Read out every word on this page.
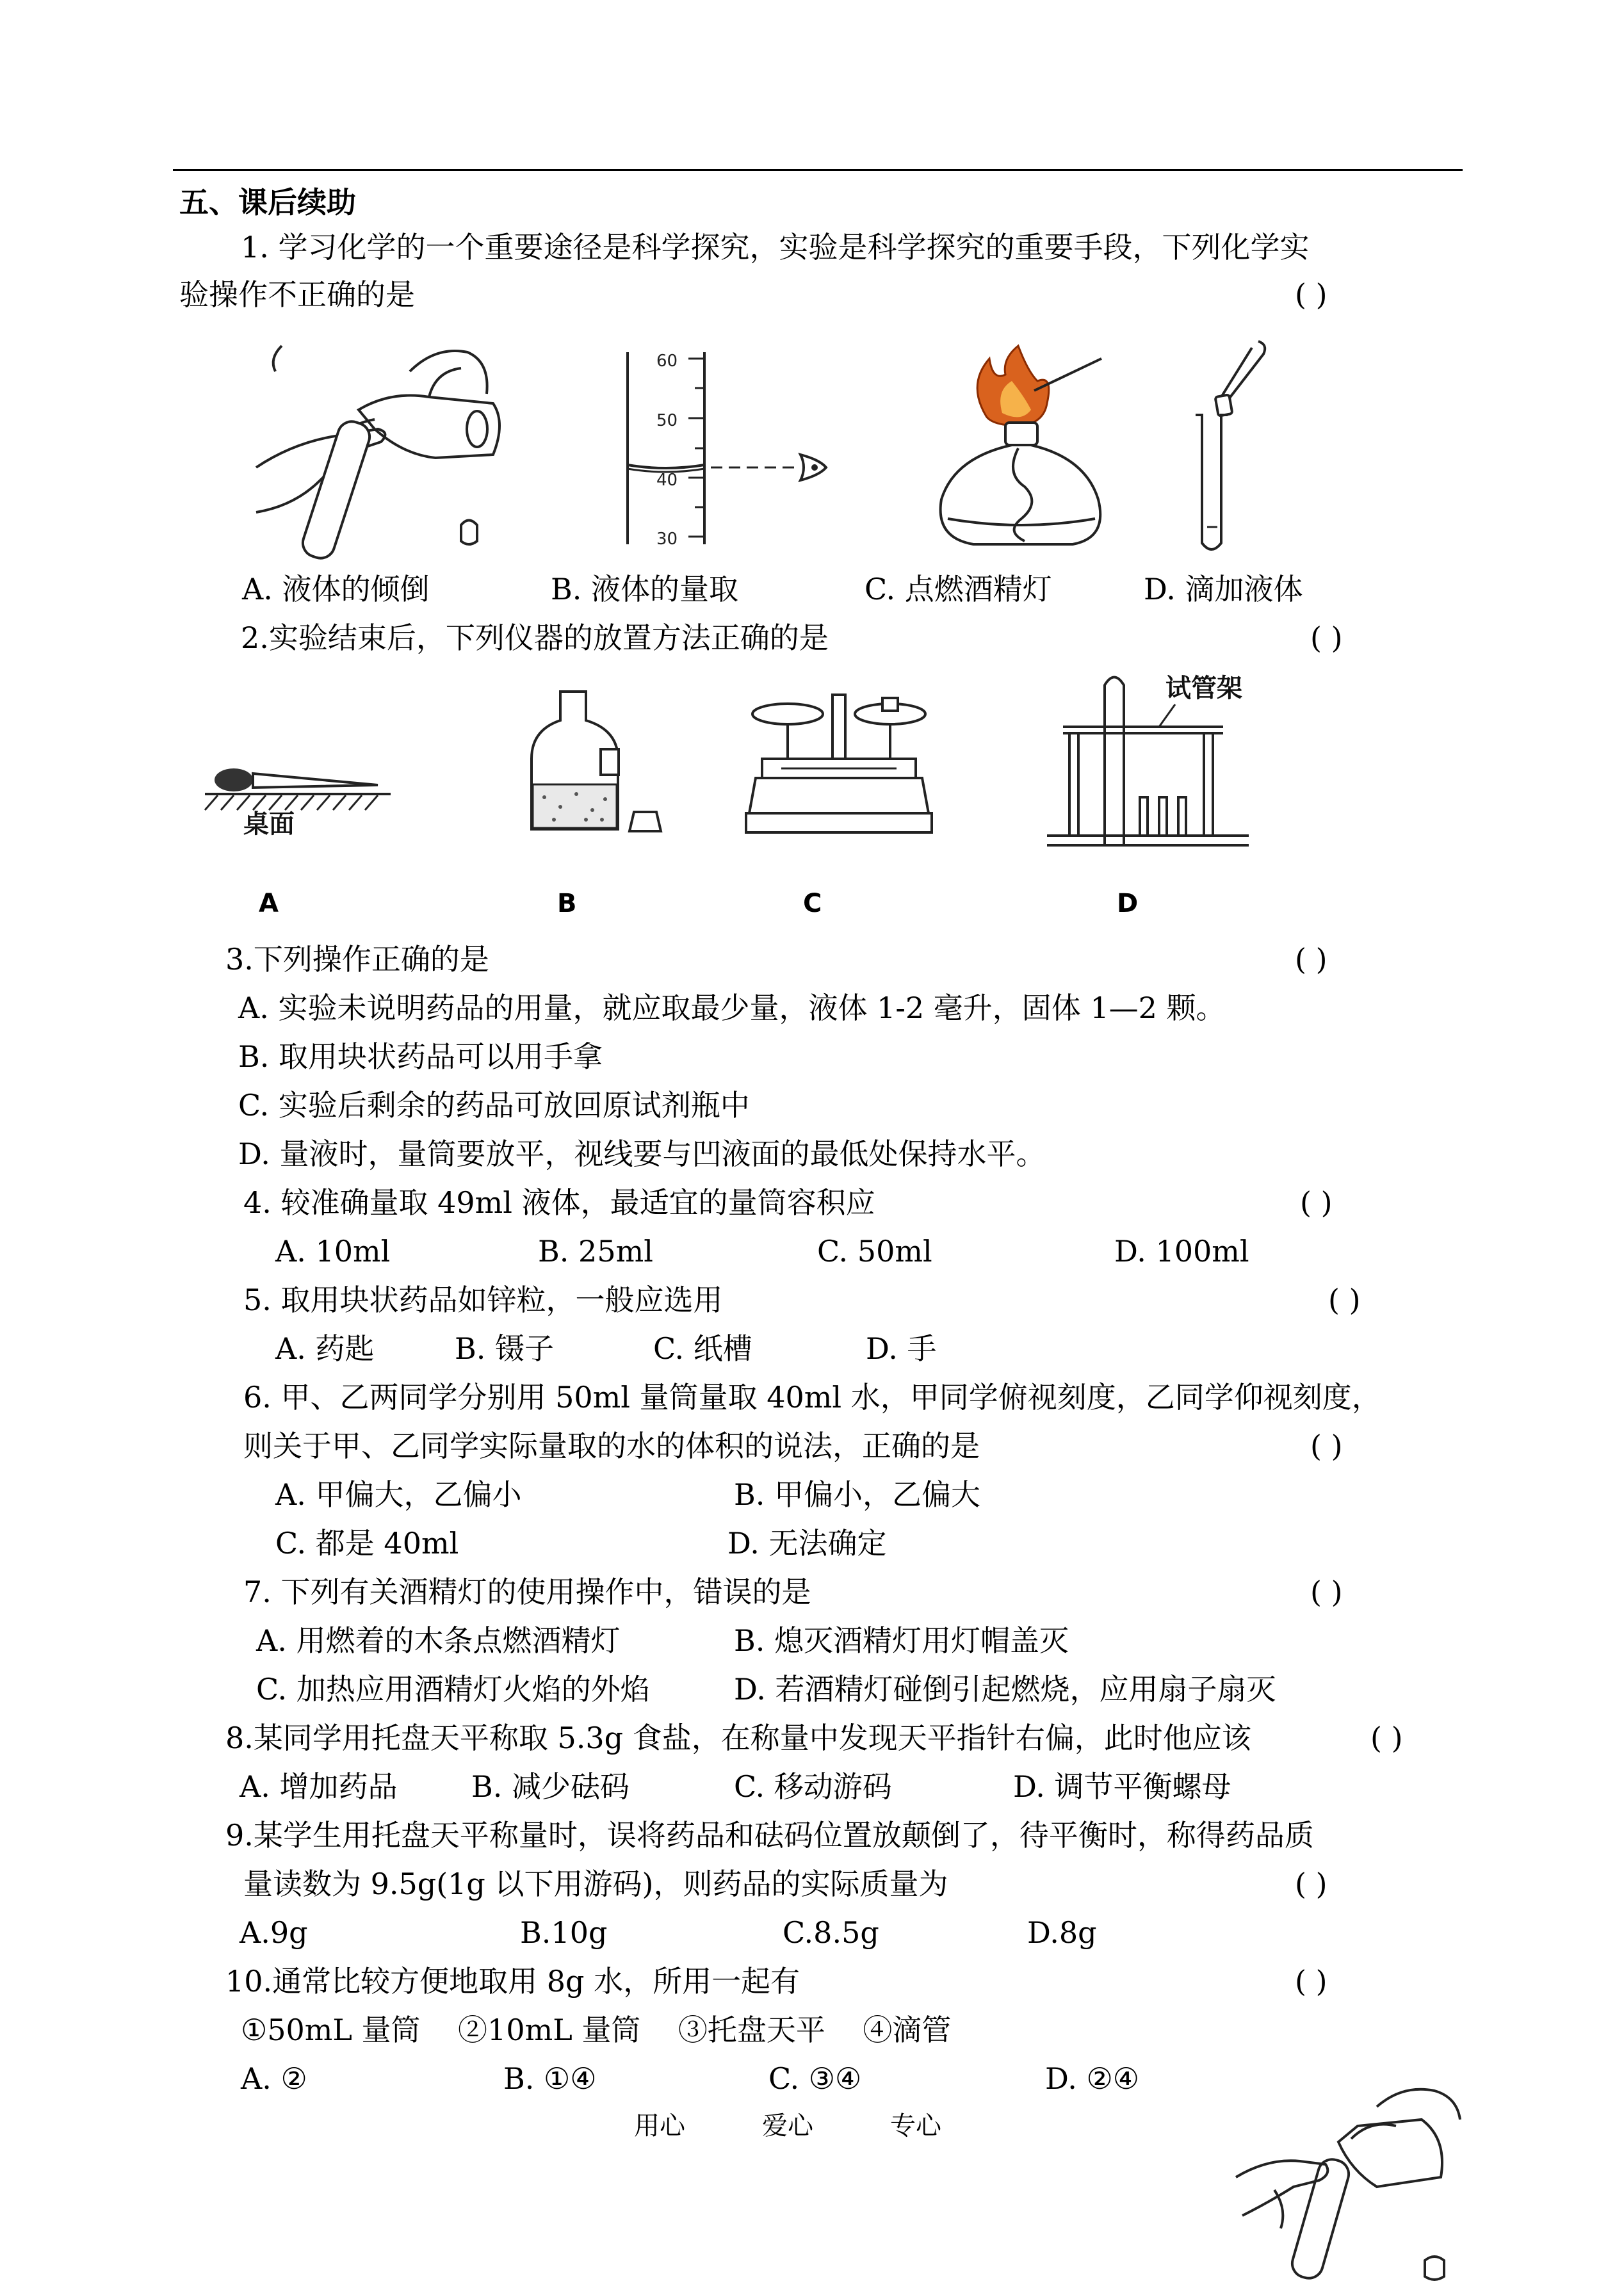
五、课后续助
1. 学习化学的一个重要途径是科学探究，实验是科学探究的重要手段，下列化学实
验操作不正确的是	( )
60
50
40
30
A. 液体的倾倒	B. 液体的量取	C. 点燃酒精灯	D. 滴加液体
2.实验结束后，下列仪器的放置方法正确的是	( )
桌面
试管架
A	B	C	D
3.下列操作正确的是	( )
A. 实验未说明药品的用量，就应取最少量，液体 1-2 毫升，固体 1—2 颗。
B. 取用块状药品可以用手拿
C. 实验后剩余的药品可放回原试剂瓶中
D. 量液时，量筒要放平，视线要与凹液面的最低处保持水平。
4. 较准确量取 49ml 液体，最适宜的量筒容积应	( )
A. 10ml	B. 25ml	C. 50ml	D. 100ml
5. 取用块状药品如锌粒，一般应选用	( )
A. 药匙	B. 镊子	C. 纸槽	D. 手
6. 甲、乙两同学分别用 50ml 量筒量取 40ml 水，甲同学俯视刻度，乙同学仰视刻度，
则关于甲、乙同学实际量取的水的体积的说法，正确的是	( )
A. 甲偏大，乙偏小	B. 甲偏小，乙偏大
C. 都是 40ml	D. 无法确定
7. 下列有关酒精灯的使用操作中，错误的是	( )
A. 用燃着的木条点燃酒精灯	B. 熄灭酒精灯用灯帽盖灭
C. 加热应用酒精灯火焰的外焰	D. 若酒精灯碰倒引起燃烧，应用扇子扇灭
8.某同学用托盘天平称取 5.3g 食盐，在称量中发现天平指针右偏，此时他应该	( )
A. 增加药品	B. 减少砝码	C. 移动游码	D. 调节平衡螺母
9.某学生用托盘天平称量时，误将药品和砝码位置放颠倒了，待平衡时，称得药品质
量读数为 9.5g(1g 以下用游码)，则药品的实际质量为	( )
A.9g	B.10g	C.8.5g	D.8g
10.通常比较方便地取用 8g 水，所用一起有	( )
①50mL 量筒    ②10mL 量筒    ③托盘天平    ④滴管
A. ②	B. ①④	C. ③④	D. ②④
用心	爱心	专心
